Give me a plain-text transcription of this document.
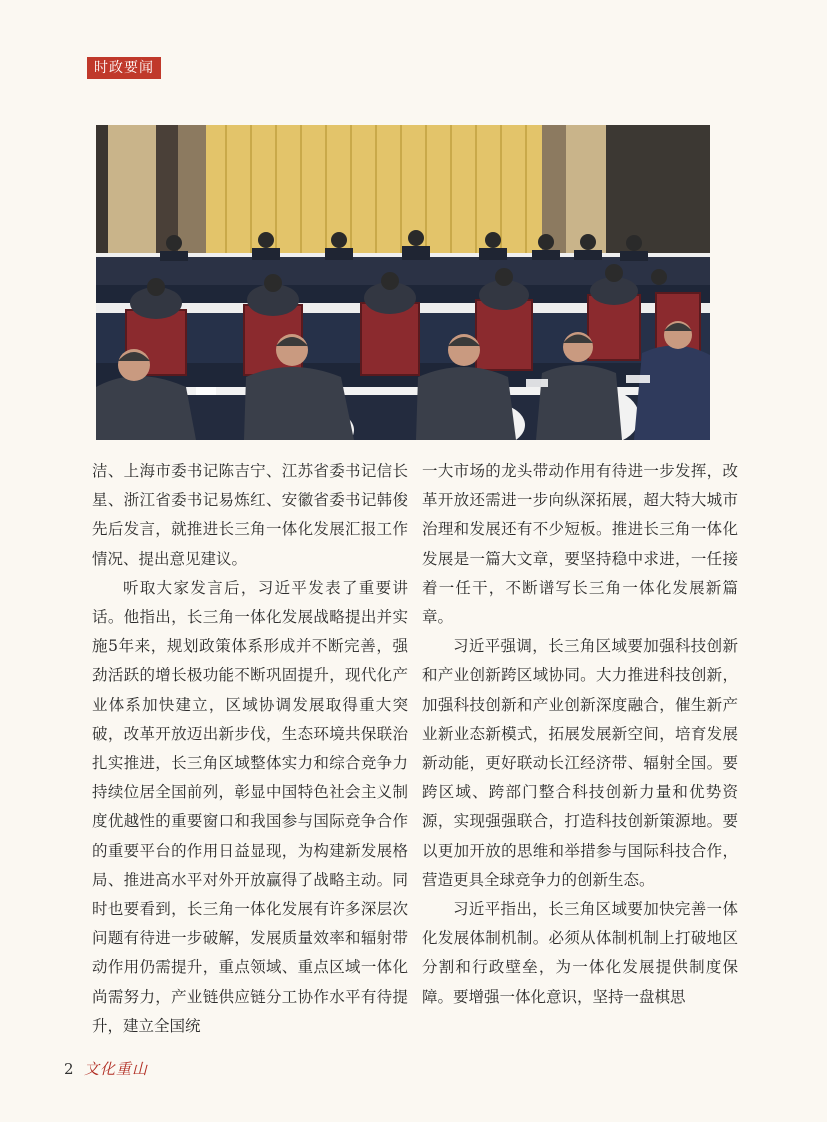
时政要闻

洁、上海市委书记陈吉宁、江苏省委书记信长星、浙江省委书记易炼红、安徽省委书记韩俊先后发言，就推进长三角一体化发展汇报工作情况、提出意见建议。

听取大家发言后，习近平发表了重要讲话。他指出，长三角一体化发展战略提出并实施5年来，规划政策体系形成并不断完善，强劲活跃的增长极功能不断巩固提升，现代化产业体系加快建立，区域协调发展取得重大突破，改革开放迈出新步伐，生态环境共保联治扎实推进，长三角区域整体实力和综合竞争力持续位居全国前列，彰显中国特色社会主义制度优越性的重要窗口和我国参与国际竞争合作的重要平台的作用日益显现，为构建新发展格局、推进高水平对外开放赢得了战略主动。同时也要看到，长三角一体化发展有许多深层次问题有待进一步破解，发展质量效率和辐射带动作用仍需提升，重点领域、重点区域一体化尚需努力，产业链供应链分工协作水平有待提升，建立全国统

一大市场的龙头带动作用有待进一步发挥，改革开放还需进一步向纵深拓展，超大特大城市治理和发展还有不少短板。推进长三角一体化发展是一篇大文章，要坚持稳中求进，一任接着一任干，不断谱写长三角一体化发展新篇章。

习近平强调，长三角区域要加强科技创新和产业创新跨区域协同。大力推进科技创新，加强科技创新和产业创新深度融合，催生新产业新业态新模式，拓展发展新空间，培育发展新动能，更好联动长江经济带、辐射全国。要跨区域、跨部门整合科技创新力量和优势资源，实现强强联合，打造科技创新策源地。要以更加开放的思维和举措参与国际科技合作，营造更具全球竞争力的创新生态。

习近平指出，长三角区域要加快完善一体化发展体制机制。必须从体制机制上打破地区分割和行政壁垒，为一体化发展提供制度保障。要增强一体化意识，坚持一盘棋思

2 文化重山
